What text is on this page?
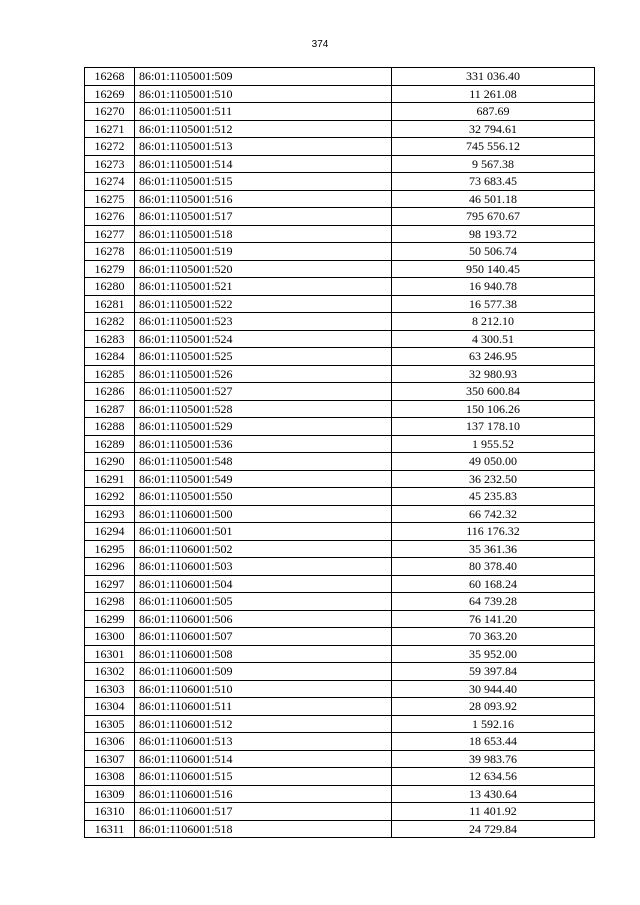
374
16268	86:01:1105001:509	331 036.40
16269	86:01:1105001:510	11 261.08
16270	86:01:1105001:511	687.69
16271	86:01:1105001:512	32 794.61
16272	86:01:1105001:513	745 556.12
16273	86:01:1105001:514	9 567.38
16274	86:01:1105001:515	73 683.45
16275	86:01:1105001:516	46 501.18
16276	86:01:1105001:517	795 670.67
16277	86:01:1105001:518	98 193.72
16278	86:01:1105001:519	50 506.74
16279	86:01:1105001:520	950 140.45
16280	86:01:1105001:521	16 940.78
16281	86:01:1105001:522	16 577.38
16282	86:01:1105001:523	8 212.10
16283	86:01:1105001:524	4 300.51
16284	86:01:1105001:525	63 246.95
16285	86:01:1105001:526	32 980.93
16286	86:01:1105001:527	350 600.84
16287	86:01:1105001:528	150 106.26
16288	86:01:1105001:529	137 178.10
16289	86:01:1105001:536	1 955.52
16290	86:01:1105001:548	49 050.00
16291	86:01:1105001:549	36 232.50
16292	86:01:1105001:550	45 235.83
16293	86:01:1106001:500	66 742.32
16294	86:01:1106001:501	116 176.32
16295	86:01:1106001:502	35 361.36
16296	86:01:1106001:503	80 378.40
16297	86:01:1106001:504	60 168.24
16298	86:01:1106001:505	64 739.28
16299	86:01:1106001:506	76 141.20
16300	86:01:1106001:507	70 363.20
16301	86:01:1106001:508	35 952.00
16302	86:01:1106001:509	59 397.84
16303	86:01:1106001:510	30 944.40
16304	86:01:1106001:511	28 093.92
16305	86:01:1106001:512	1 592.16
16306	86:01:1106001:513	18 653.44
16307	86:01:1106001:514	39 983.76
16308	86:01:1106001:515	12 634.56
16309	86:01:1106001:516	13 430.64
16310	86:01:1106001:517	11 401.92
16311	86:01:1106001:518	24 729.84
